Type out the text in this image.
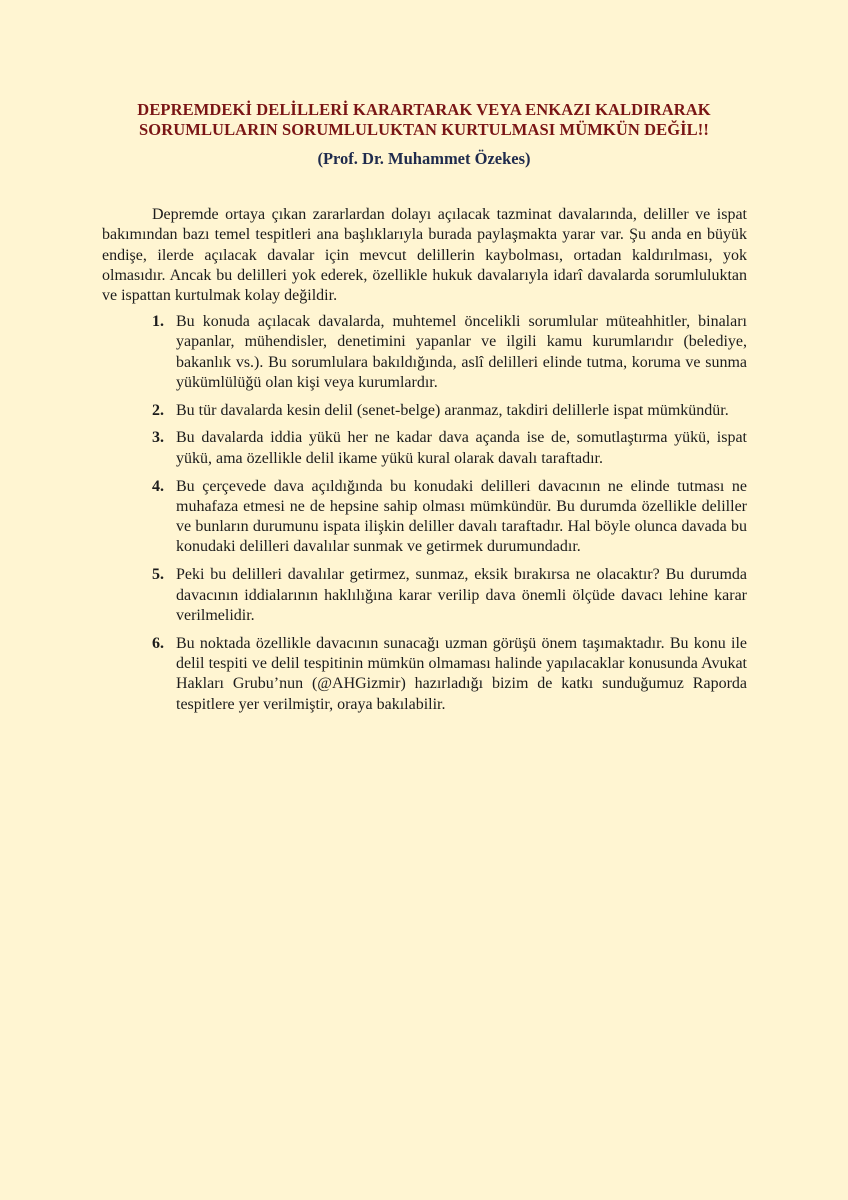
DEPREMDEKİ DELİLLERİ KARARTARAK VEYA ENKAZI KALDIRARAK
SORUMLULARIN SORUMLULUKTAN KURTULMASI MÜMKÜN DEĞİL!!
(Prof. Dr. Muhammet Özekes)

Depremde ortaya çıkan zararlardan dolayı açılacak tazminat davalarında, deliller ve ispat bakımından bazı temel tespitleri ana başlıklarıyla burada paylaşmakta yarar var. Şu anda en büyük endişe, ilerde açılacak davalar için mevcut delillerin kaybolması, ortadan kaldırılması, yok olmasıdır. Ancak bu delilleri yok ederek, özellikle hukuk davalarıyla idarî davalarda sorumluluktan ve ispattan kurtulmak kolay değildir.

1. Bu konuda açılacak davalarda, muhtemel öncelikli sorumlular müteahhitler, binaları yapanlar, mühendisler, denetimini yapanlar ve ilgili kamu kurumlarıdır (belediye, bakanlık vs.). Bu sorumlulara bakıldığında, aslî delilleri elinde tutma, koruma ve sunma yükümlülüğü olan kişi veya kurumlardır.
2. Bu tür davalarda kesin delil (senet-belge) aranmaz, takdiri delillerle ispat mümkündür.
3. Bu davalarda iddia yükü her ne kadar dava açanda ise de, somutlaştırma yükü, ispat yükü, ama özellikle delil ikame yükü kural olarak davalı taraftadır.
4. Bu çerçevede dava açıldığında bu konudaki delilleri davacının ne elinde tutması ne muhafaza etmesi ne de hepsine sahip olması mümkündür. Bu durumda özellikle deliller ve bunların durumunu ispata ilişkin deliller davalı taraftadır. Hal böyle olunca davada bu konudaki delilleri davalılar sunmak ve getirmek durumundadır.
5. Peki bu delilleri davalılar getirmez, sunmaz, eksik bırakırsa ne olacaktır? Bu durumda davacının iddialarının haklılığına karar verilip dava önemli ölçüde davacı lehine karar verilmelidir.
6. Bu noktada özellikle davacının sunacağı uzman görüşü önem taşımaktadır. Bu konu ile delil tespiti ve delil tespitinin mümkün olmaması halinde yapılacaklar konusunda Avukat Hakları Grubu’nun (@AHGizmir) hazırladığı bizim de katkı sunduğumuz Raporda tespitlere yer verilmiştir, oraya bakılabilir.
